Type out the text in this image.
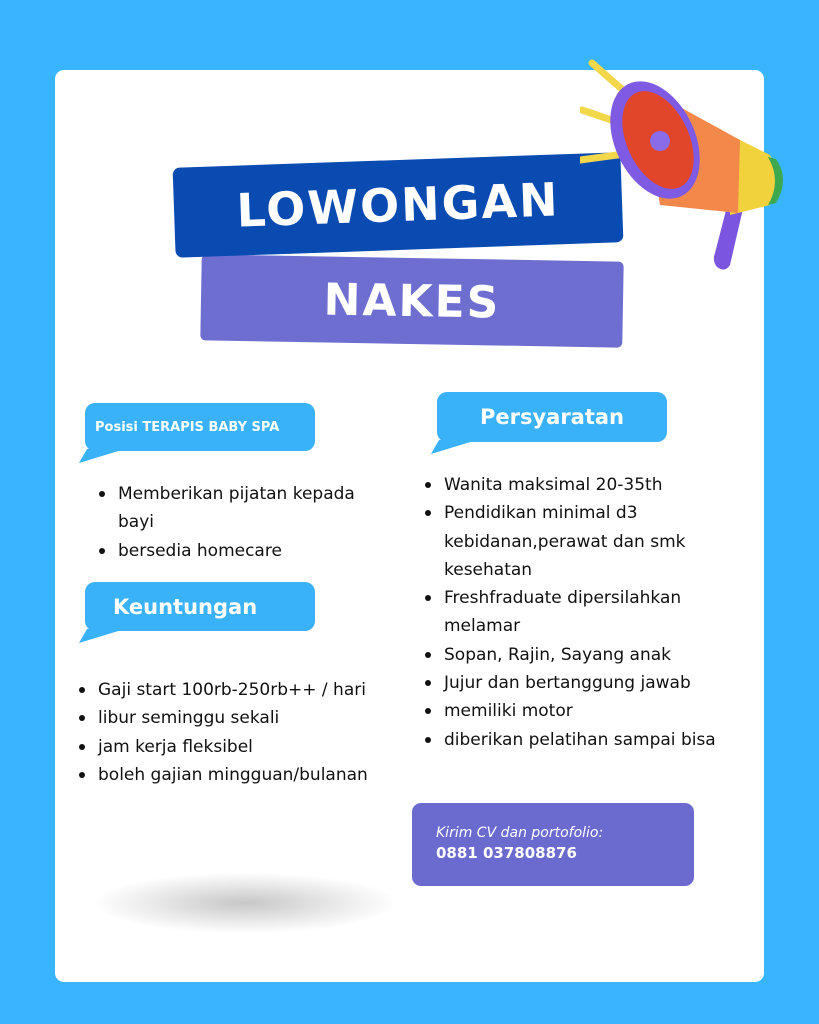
LOWONGAN
NAKES
Posisi TERAPIS BABY SPA
Memberikan pijatan kepada bayi
bersedia homecare
Keuntungan
Gaji start 100rb-250rb++ / hari
libur seminggu sekali
jam kerja fleksibel
boleh gajian mingguan/bulanan
Persyaratan
Wanita maksimal 20-35th
Pendidikan minimal d3 kebidanan,perawat dan smk kesehatan
Freshfraduate dipersilahkan melamar
Sopan, Rajin, Sayang anak
Jujur dan bertanggung jawab
memiliki motor
diberikan pelatihan sampai bisa
Kirim CV dan portofolio:
0881 037808876
